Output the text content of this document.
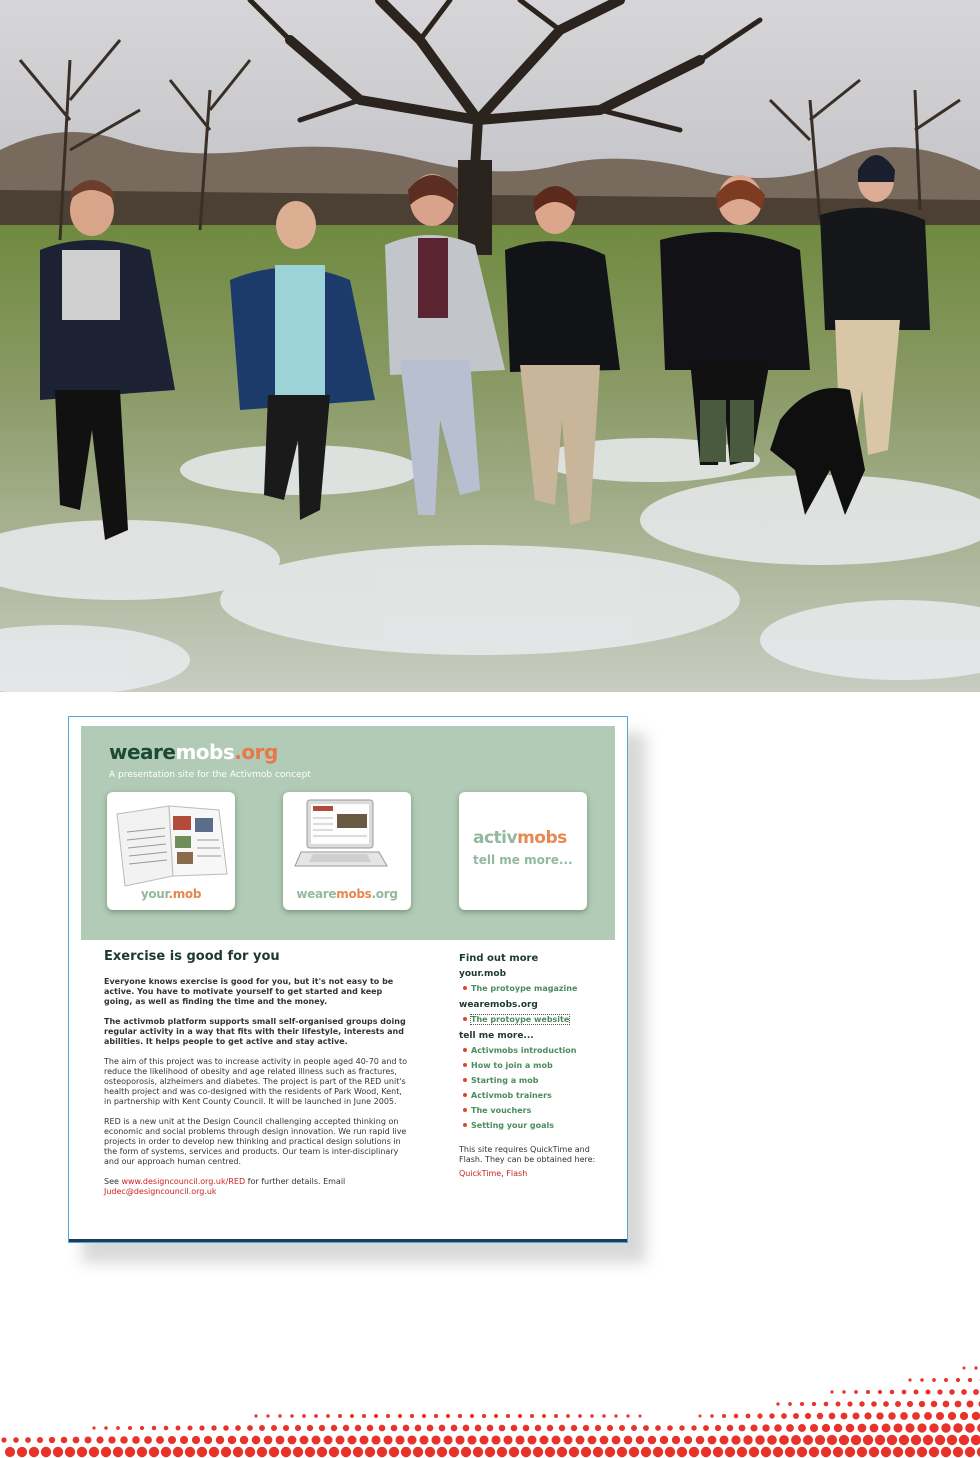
wearemobs.org
A presentation site for the Activmob concept
your.mob	wearemobs.org
activmobs
tell me more...
Exercise is good for you

Everyone knows exercise is good for you, but it's not easy to be active. You have to motivate yourself to get started and keep going, as well as finding the time and the money.

The activmob platform supports small self-organised groups doing regular activity in a way that fits with their lifestyle, interests and abilities. It helps people to get active and stay active.

The aim of this project was to increase activity in people aged 40-70 and to reduce the likelihood of obesity and age related illness such as fractures, osteoporosis, alzheimers and diabetes. The project is part of the RED unit's health project and was co-designed with the residents of Park Wood, Kent, in partnership with Kent County Council. It will be launched in June 2005.

RED is a new unit at the Design Council challenging accepted thinking on economic and social problems through design innovation. We run rapid live projects in order to develop new thinking and practical design solutions in the form of systems, services and products. Our team is inter-disciplinary and our approach human centred.

See www.designcouncil.org.uk/RED for further details. Email Judec@designcouncil.org.uk

Find out more
your.mob
The protoype magazine
wearemobs.org
The protoype website
tell me more...
Activmobs introduction
How to join a mob
Starting a mob
Activmob trainers
The vouchers
Setting your goals

This site requires QuickTime and Flash. They can be obtained here:

QuickTime, Flash
